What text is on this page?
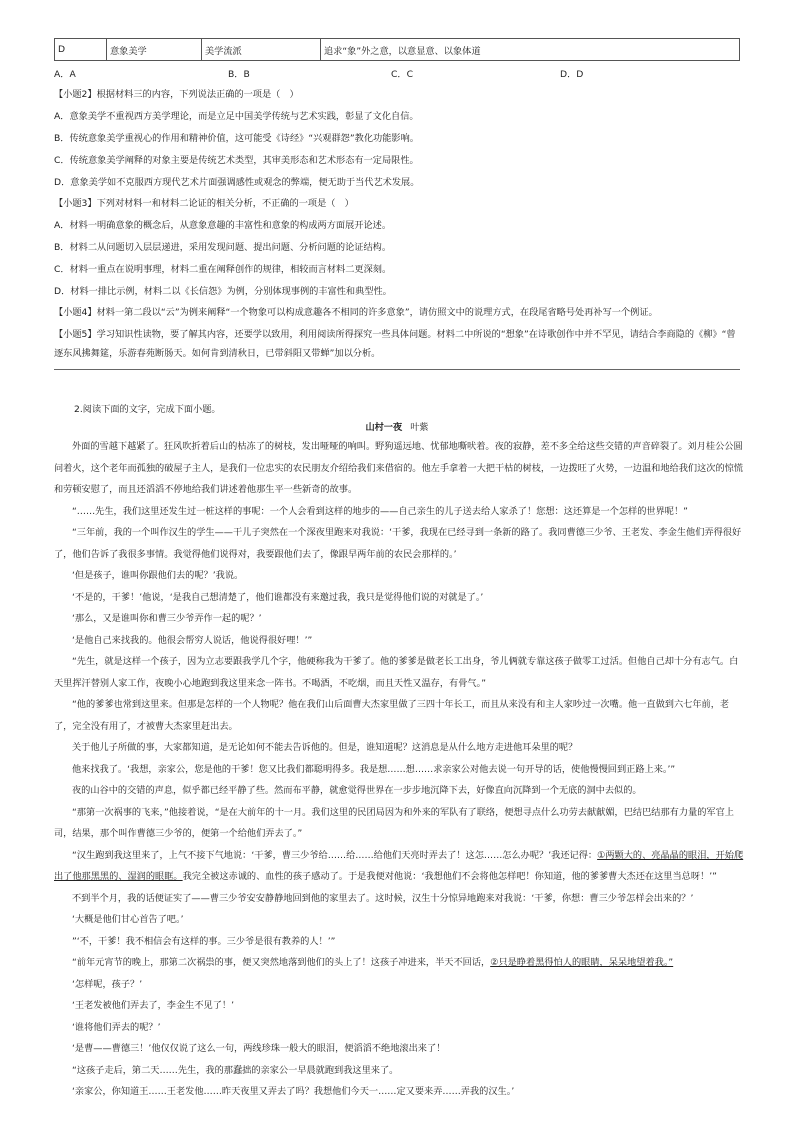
D	意象美学	美学流派	追求“象”外之意，以意显意、以象体道
A．A	B．B	C．C	D．D
【小题2】根据材料三的内容，下列说法正确的一项是（　）
A．意象美学不重视西方美学理论，而是立足中国美学传统与艺术实践，彰显了文化自信。
B．传统意象美学重视心的作用和精神价值，这可能受《诗经》“兴观群怨”教化功能影响。
C．传统意象美学阐释的对象主要是传统艺术类型，其审美形态和艺术形态有一定局限性。
D．意象美学如不克服西方现代艺术片面强调感性或观念的弊端，便无助于当代艺术发展。
【小题3】下列对材料一和材料二论证的相关分析，不正确的一项是（　）
A．材料一明确意象的概念后，从意象意趣的丰富性和意象的构成两方面展开论述。
B．材料二从问题切入层层递进，采用发现问题、提出问题、分析问题的论证结构。
C．材料一重点在说明事理，材料二重在阐释创作的规律，相较而言材料二更深刻。
D．材料一排比示例，材料二以《长信怨》为例，分别体现事例的丰富性和典型性。
【小题4】材料一第二段以“云”为例来阐释“一个物象可以构成意趣各不相同的许多意象”，请仿照文中的说理方式，在段尾省略号处再补写一个例证。
【小题5】学习知识性读物，要了解其内容，还要学以致用，利用阅读所得探究一些具体问题。材料二中所说的“想象”在诗歌创作中并不罕见，请结合李商隐的《柳》“曾
逐东风拂舞筵，乐游春苑断肠天。如何肯到清秋日，已带斜阳又带蝉”加以分析。
2.阅读下面的文字，完成下面小题。
山村一夜 叶紫

外面的雪越下越紧了。狂风吹折着后山的枯冻了的树枝，发出哑哑的响叫。野狗遥远地、忧郁地嘶吠着。夜的寂静，差不多全给这些交错的声音碎裂了。刘月桂公公圆问着火，这个老年而孤独的破屋子主人，是我们一位忠实的农民朋友介绍给我们来借宿的。他左手拿着一大把干枯的树枝，一边拨旺了火势，一边温和地给我们这次的惊慌和劳顿安慰了，而且还滔滔不停地给我们讲述着他那生平一些新奇的故事。

“……先生，我们这里还发生过一桩这样的事呢：一个人会看到这样的地步的——自己亲生的儿子送去给人家杀了！您想：这还算是一个怎样的世界呢！”

“三年前，我的一个叫作汉生的学生——干儿子突然在一个深夜里跑来对我说：‘干爹，我现在已经寻到一条新的路了。我同曹德三少爷、王老发、李金生他们弄得很好了，他们告诉了我很多事情。我觉得他们说得对，我要跟他们去了，像跟早两年前的农民会那样的。’

‘但是孩子，谁叫你跟他们去的呢？’我说。

‘不是的，干爹！’他说，‘是我自己想清楚了，他们谁都没有来邀过我，我只是觉得他们说的对就是了。’

‘那么，又是谁叫你和曹三少爷弄作一起的呢？’

‘是他自己来找我的。他很会帮穷人说话，他说得很好哩！’”

“先生，就是这样一个孩子，因为立志要跟我学几个字，他硬称我为干爹了。他的爹爹是做老长工出身，爷儿俩就专靠这孩子做零工过活。但他自己却十分有志气。白天里挥汗替别人家工作，夜晚小心地跑到我这里来念一阵书。不喝酒，不吃烟，而且天性又温存，有骨气。”

“他的爹爹也常到这里来。但那是怎样的一个人物呢？他在我们山后面曹大杰家里做了三四十年长工，而且从来没有和主人家吵过一次嘴。他一直做到六七年前，老了，完全没有用了，才被曹大杰家里赶出去。

关于他儿子所做的事，大家都知道，是无论如何不能去告诉他的。但是，谁知道呢？这消息是从什么地方走进他耳朵里的呢？

他来找我了。‘我想，亲家公，您是他的干爹！您又比我们都聪明得多。我是想……想……求亲家公对他去说一句开导的话，使他慢慢回到正路上来。’”

夜的山谷中的交错的声息，似乎都已经平静了些。然而布平静，就愈觉得世界在一步步地沉降下去，好像直向沉降到一个无底的洞中去似的。

“那第一次祸事的飞来，”他接着说，“是在大前年的十一月。我们这里的民团局因为和外来的军队有了联络，便想寻点什么功劳去献献媚，巴结巴结那有力量的军官上司，结果，那个叫作曹德三少爷的，便第一个给他们弄去了。”

“汉生跑到我这里来了，上气不接下气地说：‘干爹，曹三少爷给……给……给他们天亮时弄去了！这怎……怎么办呢？’我还记得：①两颗大的、亮晶晶的眼泪，开始爬出了他那黑黑的、湿润的眼眶。我完全被这赤诚的、血性的孩子感动了。于是我便对他说：‘我想他们不会将他怎样吧！你知道，他的爹爹曹大杰还在这里当总呀！’”

不到半个月，我的话便证实了——曹三少爷安安静静地回到他的家里去了。这时候，汉生十分惊异地跑来对我说：‘干爹，你想：曹三少爷怎样会出来的？’

‘大概是他们甘心首告了吧。’

”‘不，干爹！我不相信会有这样的事。三少爷是很有教养的人！’”

“前年元宵节的晚上，那第二次祸祟的事，便又突然地落到他们的头上了！这孩子冲进来，半天不回话，②只是睁着黑得怕人的眼睛，呆呆地望着我。”

‘怎样呢，孩子？’

‘王老发被他们弄去了，李金生不见了！’

‘谁将他们弄去的呢？’

‘是曹——曹德三！’他仅仅说了这么一句，两线珍珠一般大的眼泪，便滔滔不绝地滚出来了！

“这孩子走后，第二天……先生，我的那蠢拙的亲家公一早晨就跑到我这里来了。

‘亲家公，你知道王……王老发他……昨天夜里又弄去了吗？我想他们今天一……定又要来弄……弄我的汉生。’
